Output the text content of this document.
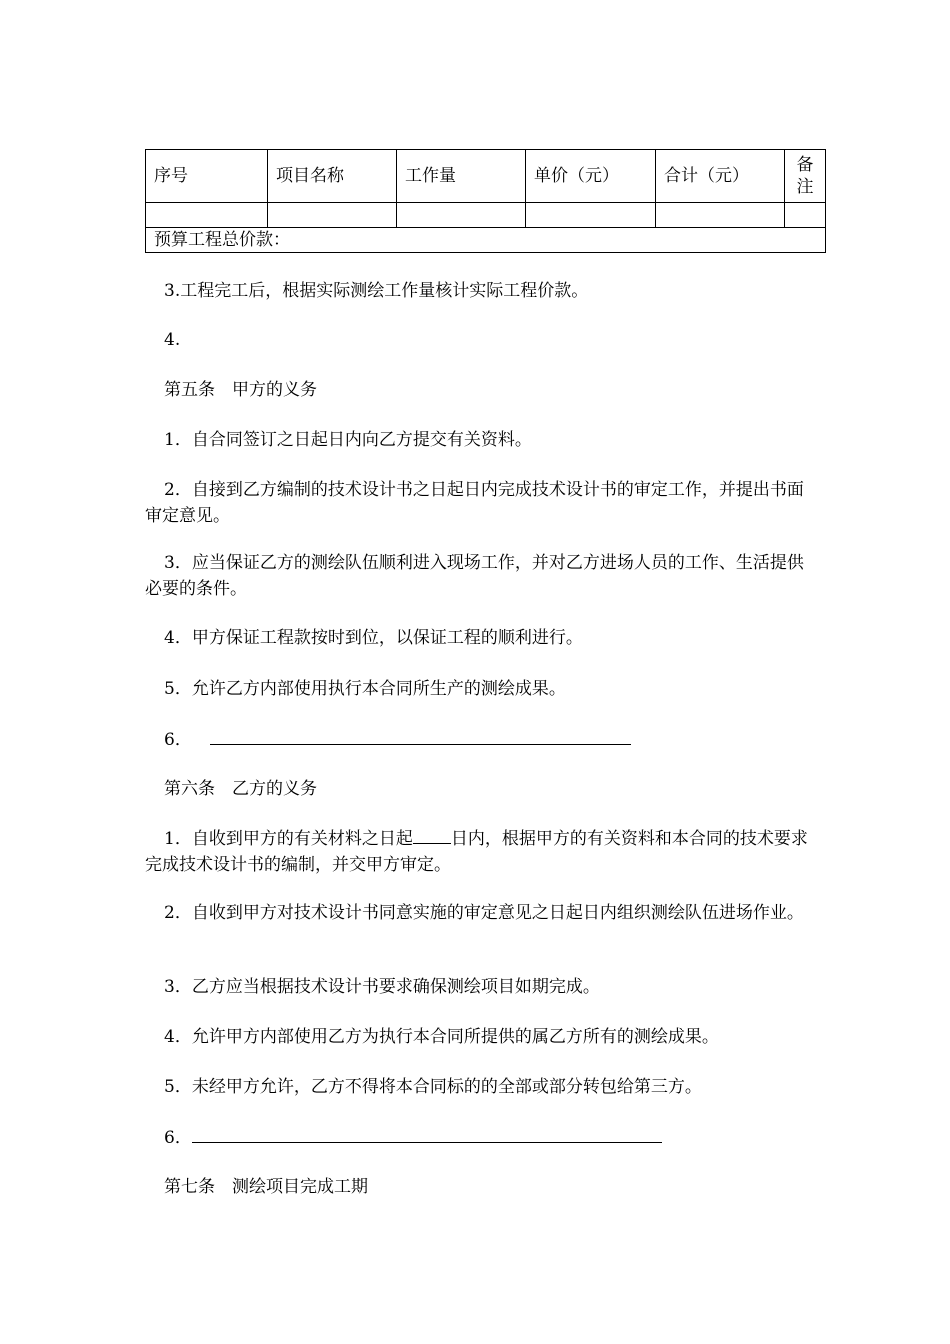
序号	项目名称	工作量	单价（元）	合计（元）	备
注

预算工程总价款：					

3.工程完工后，根据实际测绘工作量核计实际工程价款。

4.

第五条　甲方的义务

1．自合同签订之日起日内向乙方提交有关资料。

2．自接到乙方编制的技术设计书之日起日内完成技术设计书的审定工作，并提出书面审定意见。

3．应当保证乙方的测绘队伍顺利进入现场工作，并对乙方进场人员的工作、生活提供必要的条件。

4．甲方保证工程款按时到位，以保证工程的顺利进行。

5．允许乙方内部使用执行本合同所生产的测绘成果。

6．

第六条　乙方的义务

1．自收到甲方的有关材料之日起 日内，根据甲方的有关资料和本合同的技术要求完成技术设计书的编制，并交甲方审定。

2．自收到甲方对技术设计书同意实施的审定意见之日起日内组织测绘队伍进场作业。

3．乙方应当根据技术设计书要求确保测绘项目如期完成。

4．允许甲方内部使用乙方为执行本合同所提供的属乙方所有的测绘成果。

5．未经甲方允许，乙方不得将本合同标的的全部或部分转包给第三方。

6．

第七条　测绘项目完成工期
